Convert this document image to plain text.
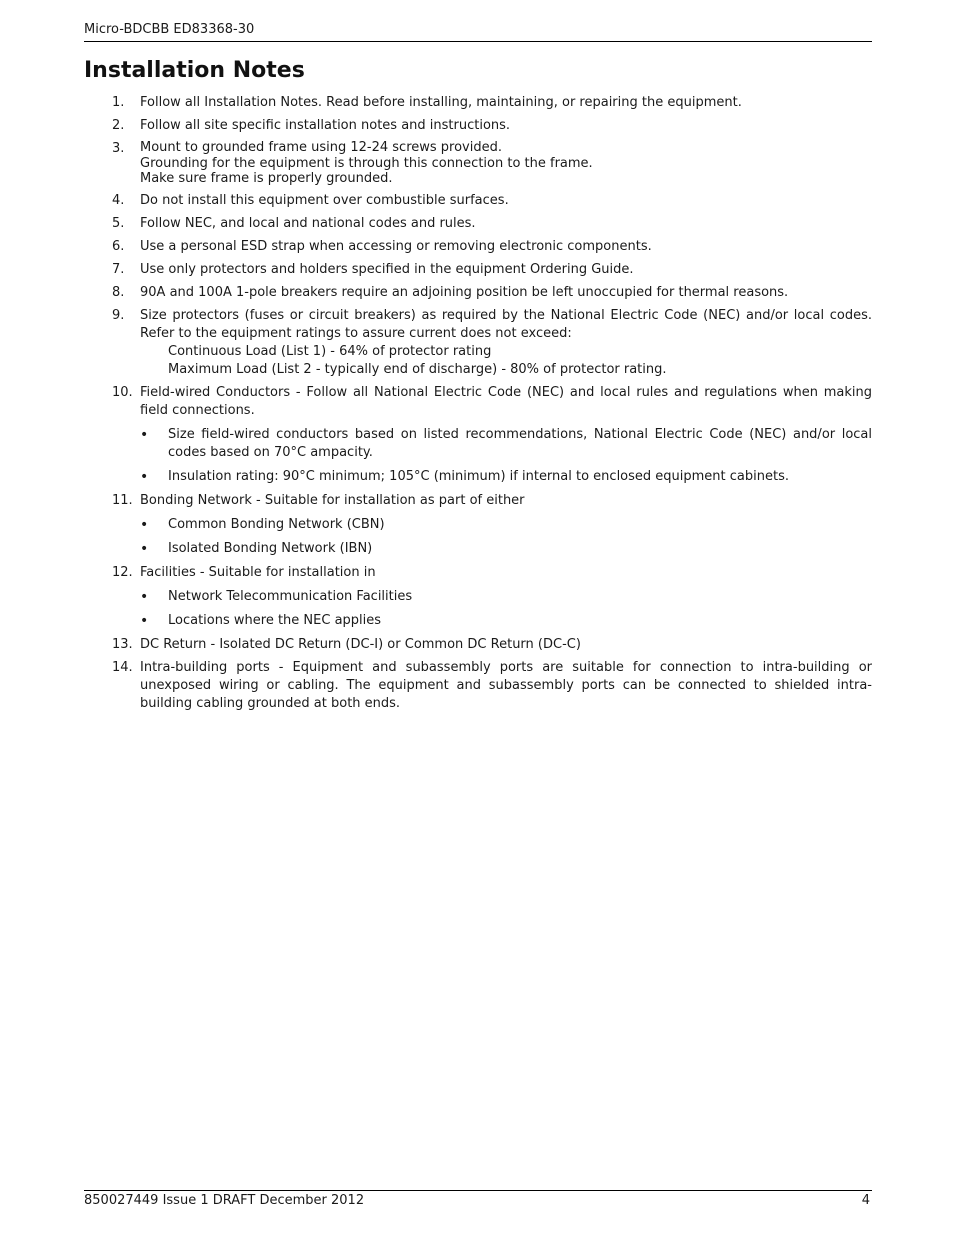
Micro-BDCBB ED83368-30
Installation Notes
1. Follow all Installation Notes. Read before installing, maintaining, or repairing the equipment.
2. Follow all site specific installation notes and instructions.
3. Mount to grounded frame using 12-24 screws provided.
Grounding for the equipment is through this connection to the frame.
Make sure frame is properly grounded.
4. Do not install this equipment over combustible surfaces.
5. Follow NEC, and local and national codes and rules.
6. Use a personal ESD strap when accessing or removing electronic components.
7. Use only protectors and holders specified in the equipment Ordering Guide.
8. 90A and 100A 1-pole breakers require an adjoining position be left unoccupied for thermal reasons.
9. Size protectors (fuses or circuit breakers) as required by the National Electric Code (NEC) and/or local codes. Refer to the equipment ratings to assure current does not exceed:
Continuous Load (List 1) - 64% of protector rating
Maximum Load (List 2 - typically end of discharge) - 80% of protector rating.
10. Field-wired Conductors - Follow all National Electric Code (NEC) and local rules and regulations when making field connections.
• Size field-wired conductors based on listed recommendations, National Electric Code (NEC) and/or local codes based on 70°C ampacity.
• Insulation rating: 90°C minimum; 105°C (minimum) if internal to enclosed equipment cabinets.
11. Bonding Network - Suitable for installation as part of either
• Common Bonding Network (CBN)
• Isolated Bonding Network (IBN)
12. Facilities - Suitable for installation in
• Network Telecommunication Facilities
• Locations where the NEC applies
13. DC Return - Isolated DC Return (DC-I) or Common DC Return (DC-C)
14. Intra-building ports - Equipment and subassembly ports are suitable for connection to intra-building or unexposed wiring or cabling. The equipment and subassembly ports can be connected to shielded intra-building cabling grounded at both ends.
850027449 Issue 1 DRAFT December 2012	4
